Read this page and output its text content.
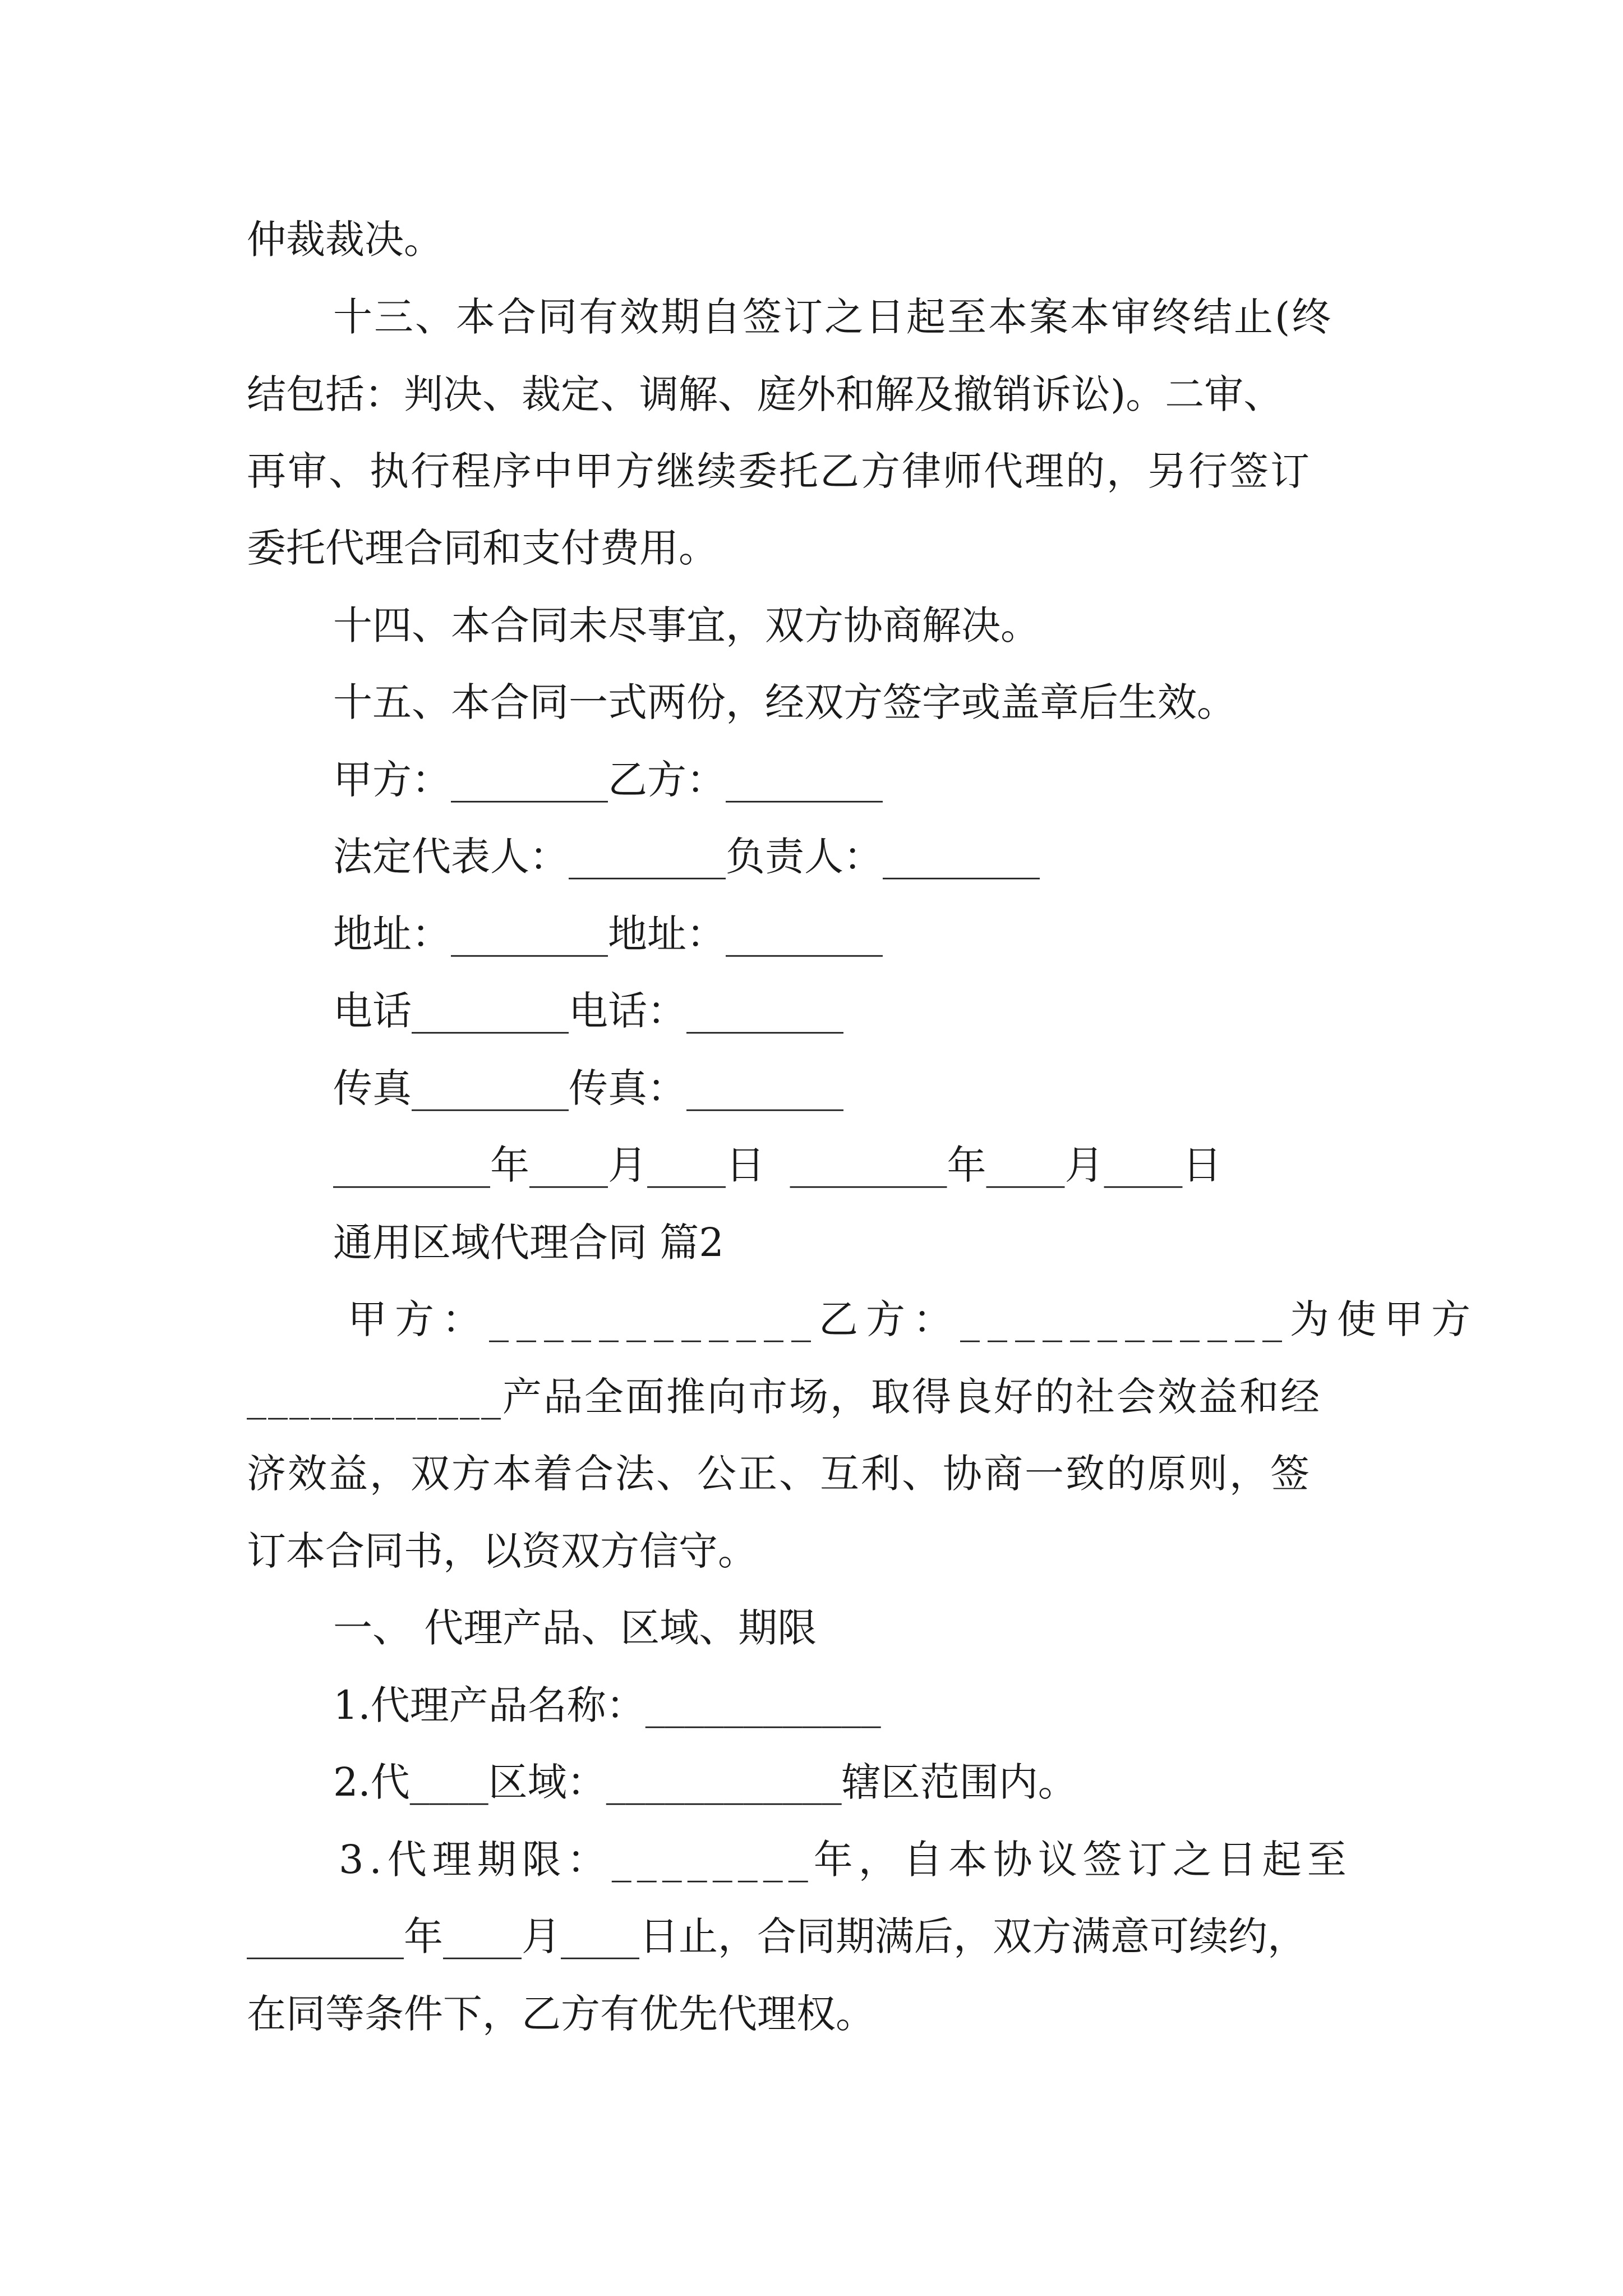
仲裁裁决。
十三、本合同有效期自签订之日起至本案本审终结止(终
结包括：判决、裁定、调解、庭外和解及撤销诉讼)。二审、
再审、执行程序中甲方继续委托乙方律师代理的，另行签订
委托代理合同和支付费用。
十四、本合同未尽事宜，双方协商解决。
十五、本合同一式两份，经双方签字或盖章后生效。
甲方：________乙方：________
法定代表人：________负责人：________
地址：________地址：________
电话________电话：________
传真________传真：________
________年____月____日  ________年____月____日
通用区域代理合同 篇2
甲方：____________乙方：____________为使甲方
____________产品全面推向市场，取得良好的社会效益和经
济效益，双方本着合法、公正、互利、协商一致的原则，签
订本合同书，以资双方信守。
一、 代理产品、区域、期限
1.代理产品名称：____________
2.代____区域：____________辖区范围内。
3.代理期限：________年，自本协议签订之日起至
________年____月____日止，合同期满后，双方满意可续约，
在同等条件下，乙方有优先代理权。
